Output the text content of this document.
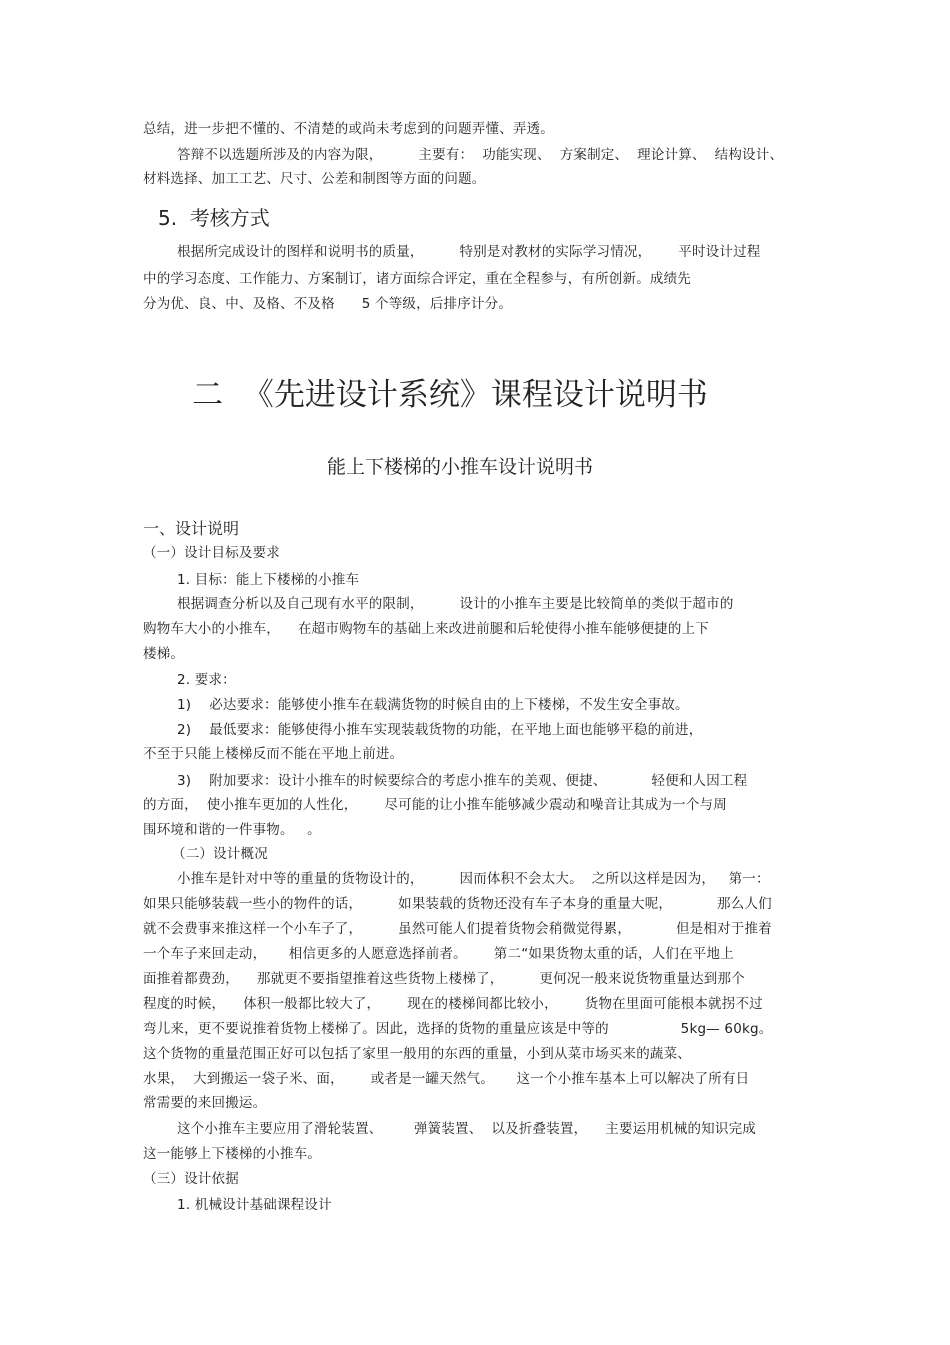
总结，进一步把不懂的、不清楚的或尚未考虑到的问题弄懂、弄透。
答辩不以选题所涉及的内容为限，        主要有：  功能实现、  方案制定、  理论计算、  结构设计、
材料选择、加工工艺、尺寸、公差和制图等方面的问题。
5.  考核方式
根据所完成设计的图样和说明书的质量，        特别是对教材的实际学习情况，      平时设计过程
中的学习态度、工作能力、方案制订，诸方面综合评定，重在全程参与，有所创新。成绩先
分为优、良、中、及格、不及格      5 个等级，后排序计分。
二  《先进设计系统》课程设计说明书
能上下楼梯的小推车设计说明书
一、设计说明
（一）设计目标及要求
1. 目标：能上下楼梯的小推车
根据调查分析以及自己现有水平的限制，        设计的小推车主要是比较简单的类似于超市的
购物车大小的小推车，    在超市购物车的基础上来改进前腿和后轮使得小推车能够便捷的上下
楼梯。
2. 要求：
1)    必达要求：能够使小推车在载满货物的时候自由的上下楼梯，不发生安全事故。
2)    最低要求：能够使得小推车实现装载货物的功能，在平地上面也能够平稳的前进，
不至于只能上楼梯反而不能在平地上前进。
3)    附加要求：设计小推车的时候要综合的考虑小推车的美观、便捷、          轻便和人因工程
的方面，  使小推车更加的人性化，      尽可能的让小推车能够减少震动和噪音让其成为一个与周
围环境和谐的一件事物。   。
（二）设计概况
小推车是针对中等的重量的货物设计的，        因而体积不会太大。  之所以这样是因为，   第一：
如果只能够装载一些小的物件的话，        如果装载的货物还没有车子本身的重量大呢，          那么人们
就不会费事来推这样一个小车子了，        虽然可能人们提着货物会稍微觉得累，          但是相对于推着
一个车子来回走动，     相信更多的人愿意选择前者。      第二“如果货物太重的话，人们在平地上
面推着都费劲，    那就更不要指望推着这些货物上楼梯了，        更何况一般来说货物重量达到那个
程度的时候，    体积一般都比较大了，      现在的楼梯间都比较小，      货物在里面可能根本就拐不过
弯儿来，更不要说推着货物上楼梯了。因此，选择的货物的重量应该是中等的                5kg— 60kg。
这个货物的重量范围正好可以包括了家里一般用的东西的重量，小到从菜市场买来的蔬菜、
水果，  大到搬运一袋子米、面，      或者是一罐天然气。     这一个小推车基本上可以解决了所有日
常需要的来回搬运。
这个小推车主要应用了滑轮装置、       弹簧装置、  以及折叠装置，    主要运用机械的知识完成
这一能够上下楼梯的小推车。
（三）设计依据
1. 机械设计基础课程设计
